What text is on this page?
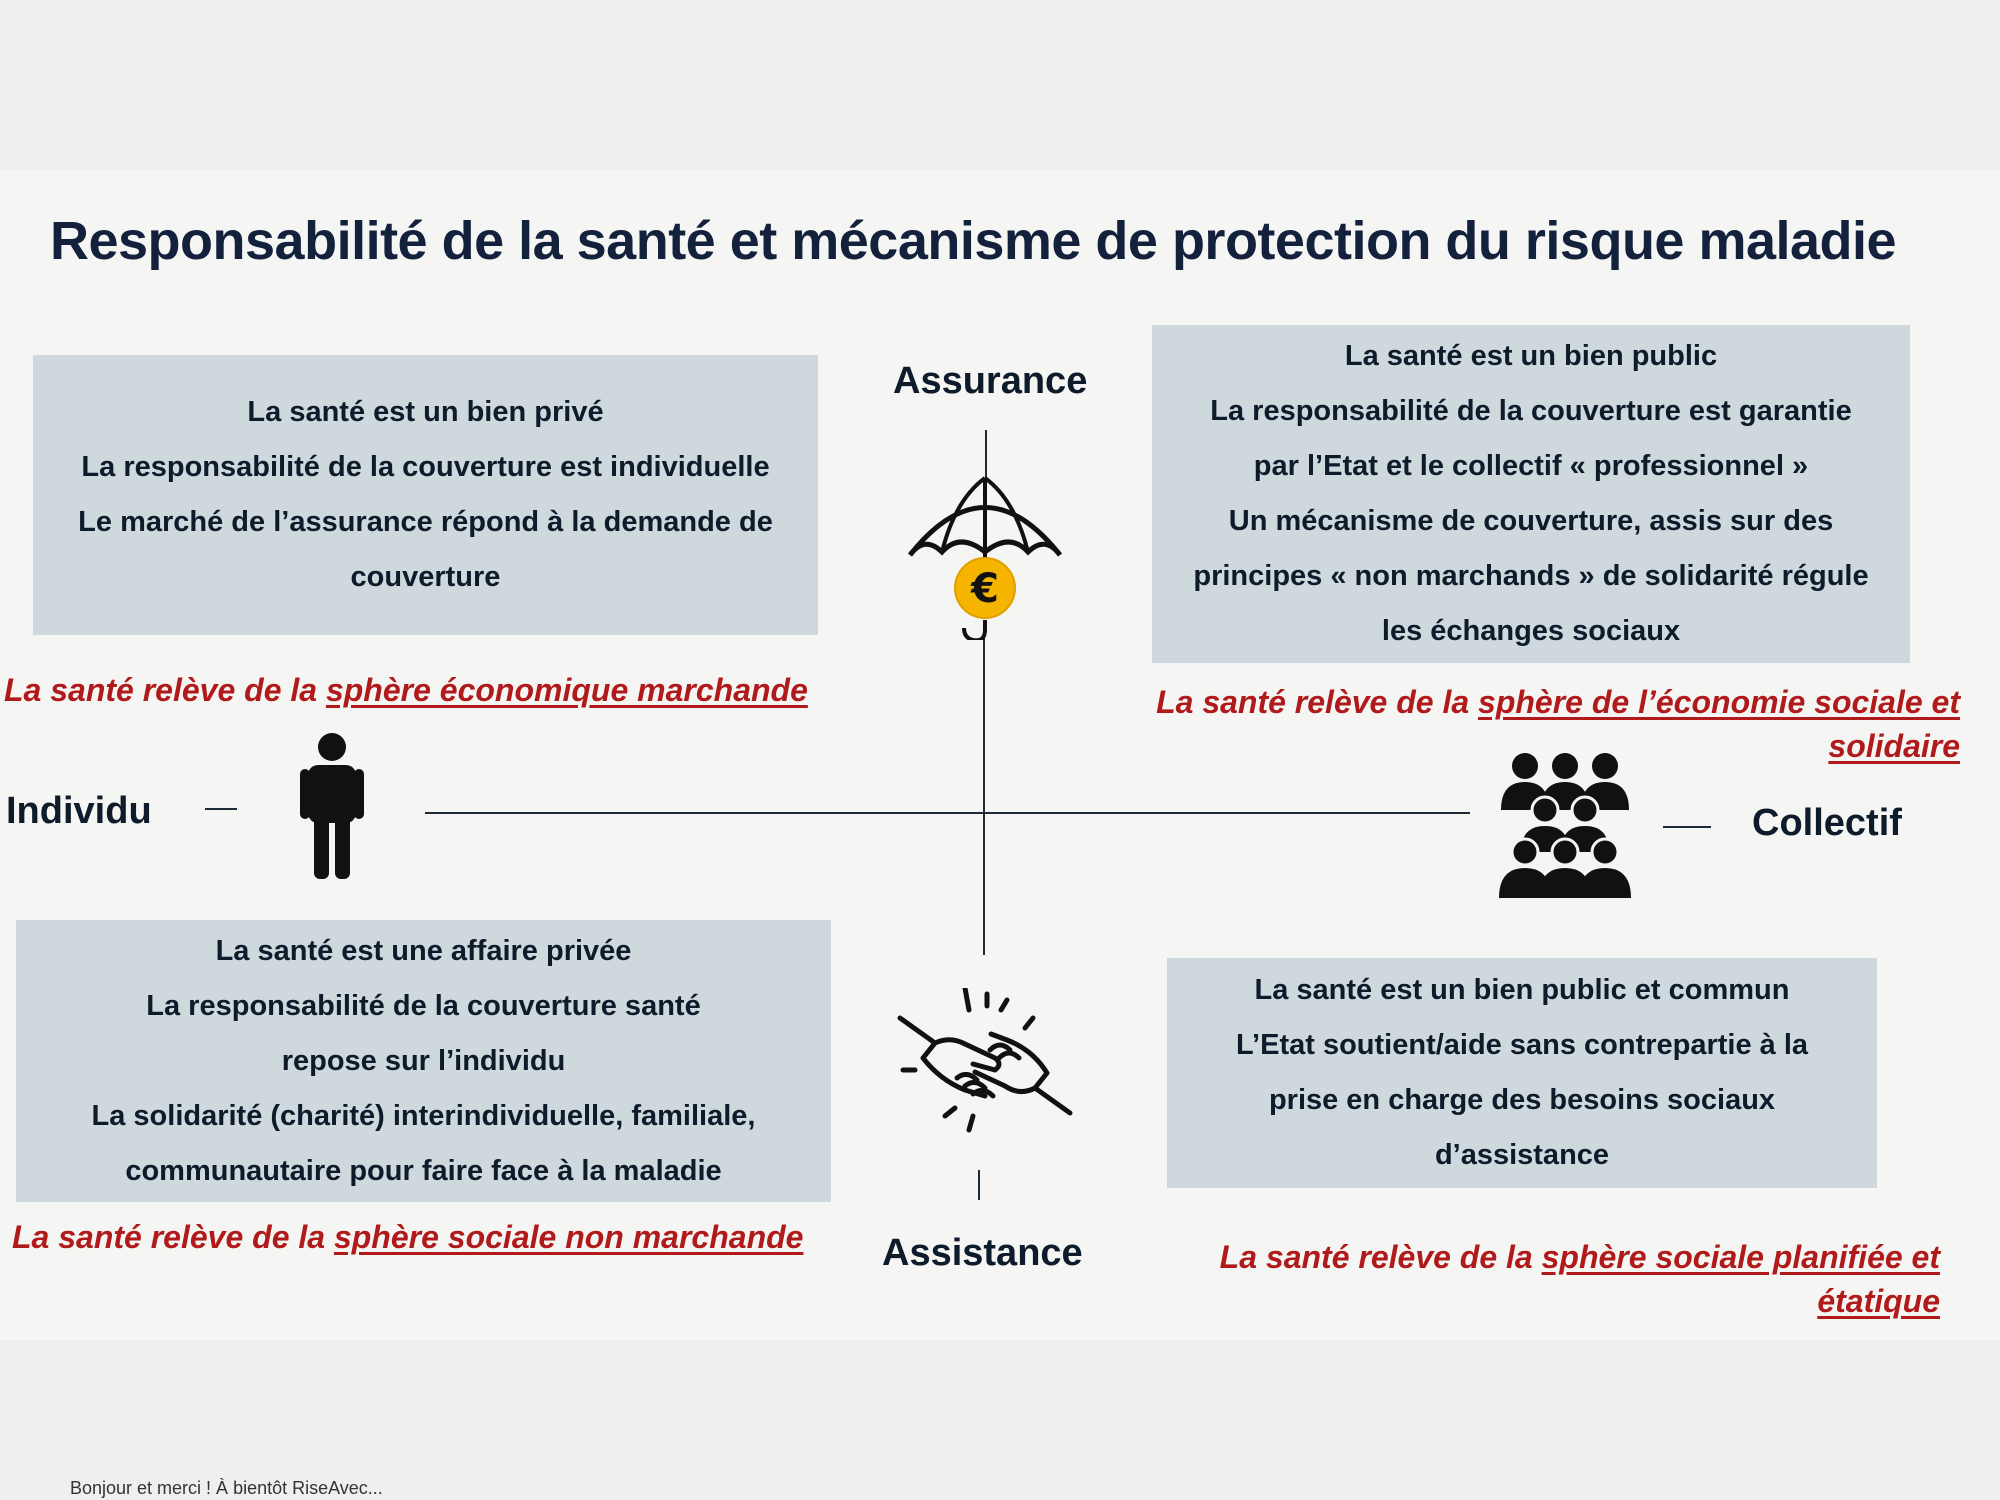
Responsabilité de la santé et mécanisme de protection du risque maladie
Assurance
Assistance
Individu	Collectif
La santé est un bien privé
La responsabilité de la couverture est individuelle
Le marché de l’assurance répond à la demande de
couverture
La santé est un bien public
La responsabilité de la couverture est garantie
par l’Etat et le collectif « professionnel »
Un mécanisme de couverture, assis sur des
principes « non marchands » de solidarité régule
les échanges sociaux
La santé est une affaire privée
La responsabilité de la couverture santé
repose sur l’individu
La solidarité (charité) interindividuelle, familiale,
communautaire pour faire face à la maladie
La santé est un bien public et commun
L’Etat soutient/aide sans contrepartie à la
prise en charge des besoins sociaux
d’assistance
La santé relève de la sphère économique marchande	La santé relève de la sphère de l’économie sociale et solidaire
La santé relève de la sphère sociale non marchande
La santé relève de la sphère sociale planifiée et étatique
€
Bonjour et merci ! À bientôt RiseAvec...
